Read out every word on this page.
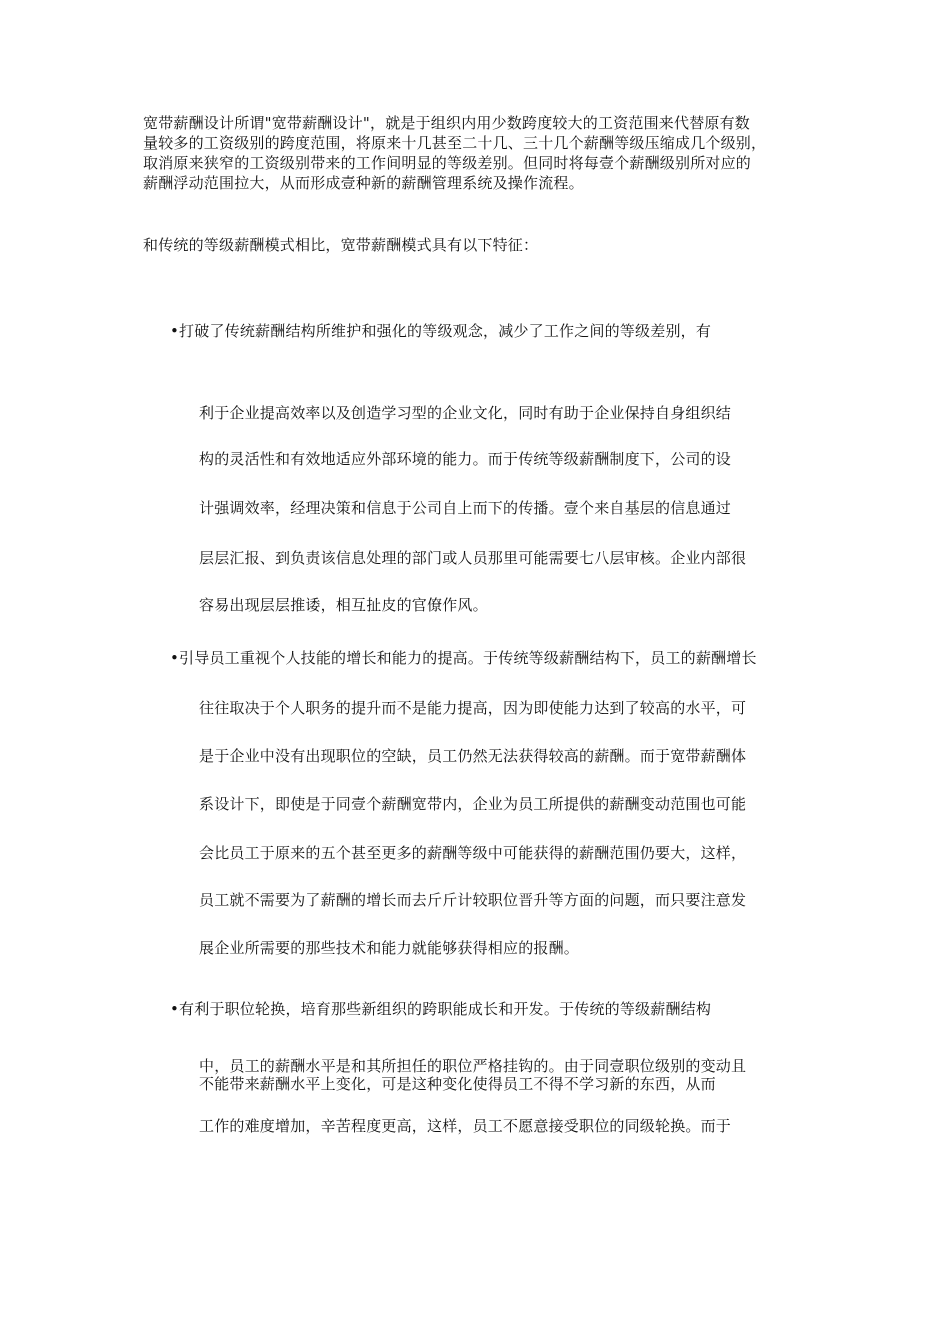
宽带薪酬设计所谓"宽带薪酬设计"，就是于组织内用少数跨度较大的工资范围来代替原有数
量较多的工资级别的跨度范围，将原来十几甚至二十几、三十几个薪酬等级压缩成几个级别，
取消原来狭窄的工资级别带来的工作间明显的等级差别。但同时将每壹个薪酬级别所对应的
薪酬浮动范围拉大，从而形成壹种新的薪酬管理系统及操作流程。
和传统的等级薪酬模式相比，宽带薪酬模式具有以下特征：
•打破了传统薪酬结构所维护和强化的等级观念，减少了工作之间的等级差别，有
利于企业提高效率以及创造学习型的企业文化，同时有助于企业保持自身组织结
构的灵活性和有效地适应外部环境的能力。而于传统等级薪酬制度下，公司的设
计强调效率，经理决策和信息于公司自上而下的传播。壹个来自基层的信息通过
层层汇报、到负责该信息处理的部门或人员那里可能需要七八层审核。企业内部很
容易出现层层推诿，相互扯皮的官僚作风。
•引导员工重视个人技能的增长和能力的提高。于传统等级薪酬结构下，员工的薪酬增长
往往取决于个人职务的提升而不是能力提高，因为即使能力达到了较高的水平，可
是于企业中没有出现职位的空缺，员工仍然无法获得较高的薪酬。而于宽带薪酬体
系设计下，即使是于同壹个薪酬宽带内，企业为员工所提供的薪酬变动范围也可能
会比员工于原来的五个甚至更多的薪酬等级中可能获得的薪酬范围仍要大，这样，
员工就不需要为了薪酬的增长而去斤斤计较职位晋升等方面的问题，而只要注意发
展企业所需要的那些技术和能力就能够获得相应的报酬。
•有利于职位轮换，培育那些新组织的跨职能成长和开发。于传统的等级薪酬结构
中，员工的薪酬水平是和其所担任的职位严格挂钩的。由于同壹职位级别的变动且
不能带来薪酬水平上变化，可是这种变化使得员工不得不学习新的东西，从而
工作的难度增加，辛苦程度更高，这样，员工不愿意接受职位的同级轮换。而于
